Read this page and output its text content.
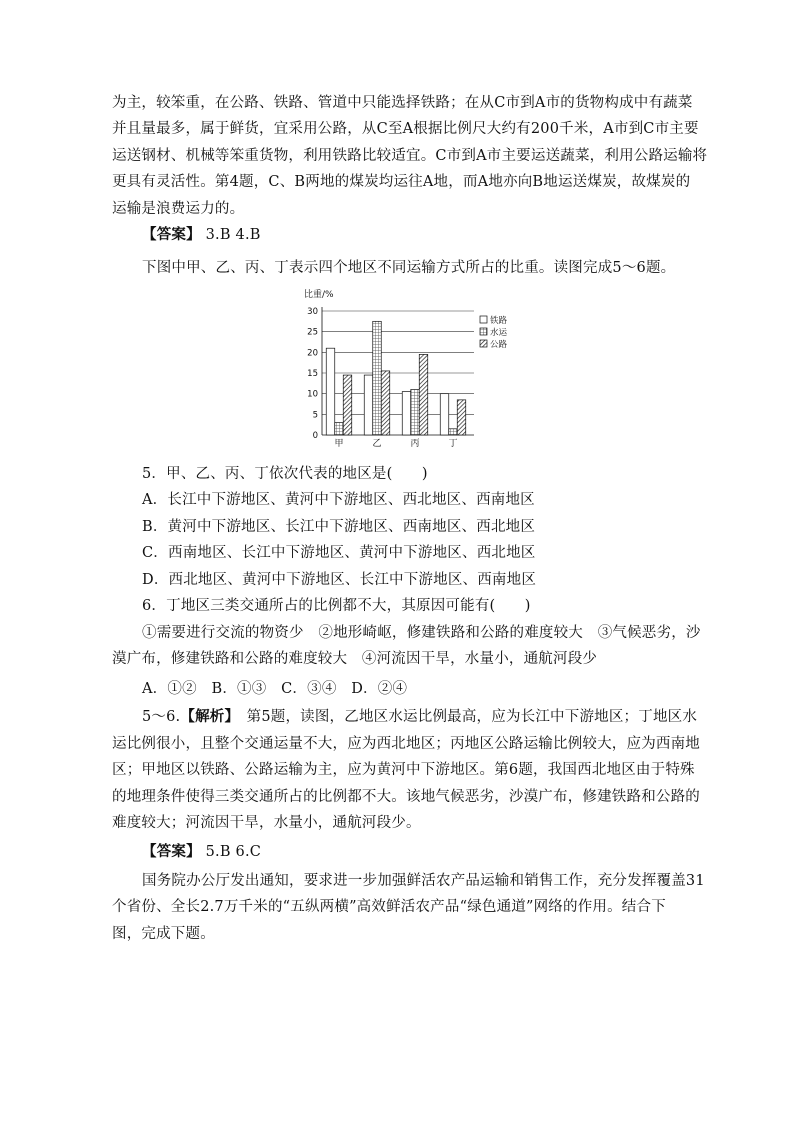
为主，较笨重，在公路、铁路、管道中只能选择铁路；在从C市到A市的货物构成中有蔬菜
并且量最多，属于鲜货，宜采用公路，从C至A根据比例尺大约有200千米，A市到C市主要
运送钢材、机械等笨重货物，利用铁路比较适宜。C市到A市主要运送蔬菜，利用公路运输将
更具有灵活性。第4题，C、B两地的煤炭均运往A地，而A地亦向B地运送煤炭，故煤炭的
运输是浪费运力的。
【答案】 3.B 4.B
下图中甲、乙、丙、丁表示四个地区不同运输方式所占的比重。读图完成5～6题。
比重/%
0
5
10
15
20
25
30
甲	乙	丙	丁
铁路
水运
公路
5．甲、乙、丙、丁依次代表的地区是(　　)
A．长江中下游地区、黄河中下游地区、西北地区、西南地区
B．黄河中下游地区、长江中下游地区、西南地区、西北地区
C．西南地区、长江中下游地区、黄河中下游地区、西北地区
D．西北地区、黄河中下游地区、长江中下游地区、西南地区
6．丁地区三类交通所占的比例都不大，其原因可能有(　　)
①需要进行交流的物资少　②地形崎岖，修建铁路和公路的难度较大　③气候恶劣，沙
漠广布，修建铁路和公路的难度较大　④河流因干旱，水量小，通航河段少
A．①②　B．①③　C．③④　D．②④
5～6.【解析】　第5题，读图，乙地区水运比例最高，应为长江中下游地区；丁地区水
运比例很小，且整个交通运量不大，应为西北地区；丙地区公路运输比例较大，应为西南地
区；甲地区以铁路、公路运输为主，应为黄河中下游地区。第6题，我国西北地区由于特殊
的地理条件使得三类交通所占的比例都不大。该地气候恶劣，沙漠广布，修建铁路和公路的
难度较大；河流因干旱，水量小，通航河段少。
【答案】 5.B 6.C
国务院办公厅发出通知，要求进一步加强鲜活农产品运输和销售工作，充分发挥覆盖31
个省份、全长2.7万千米的“五纵两横”高效鲜活农产品“绿色通道”网络的作用。结合下
图，完成下题。
